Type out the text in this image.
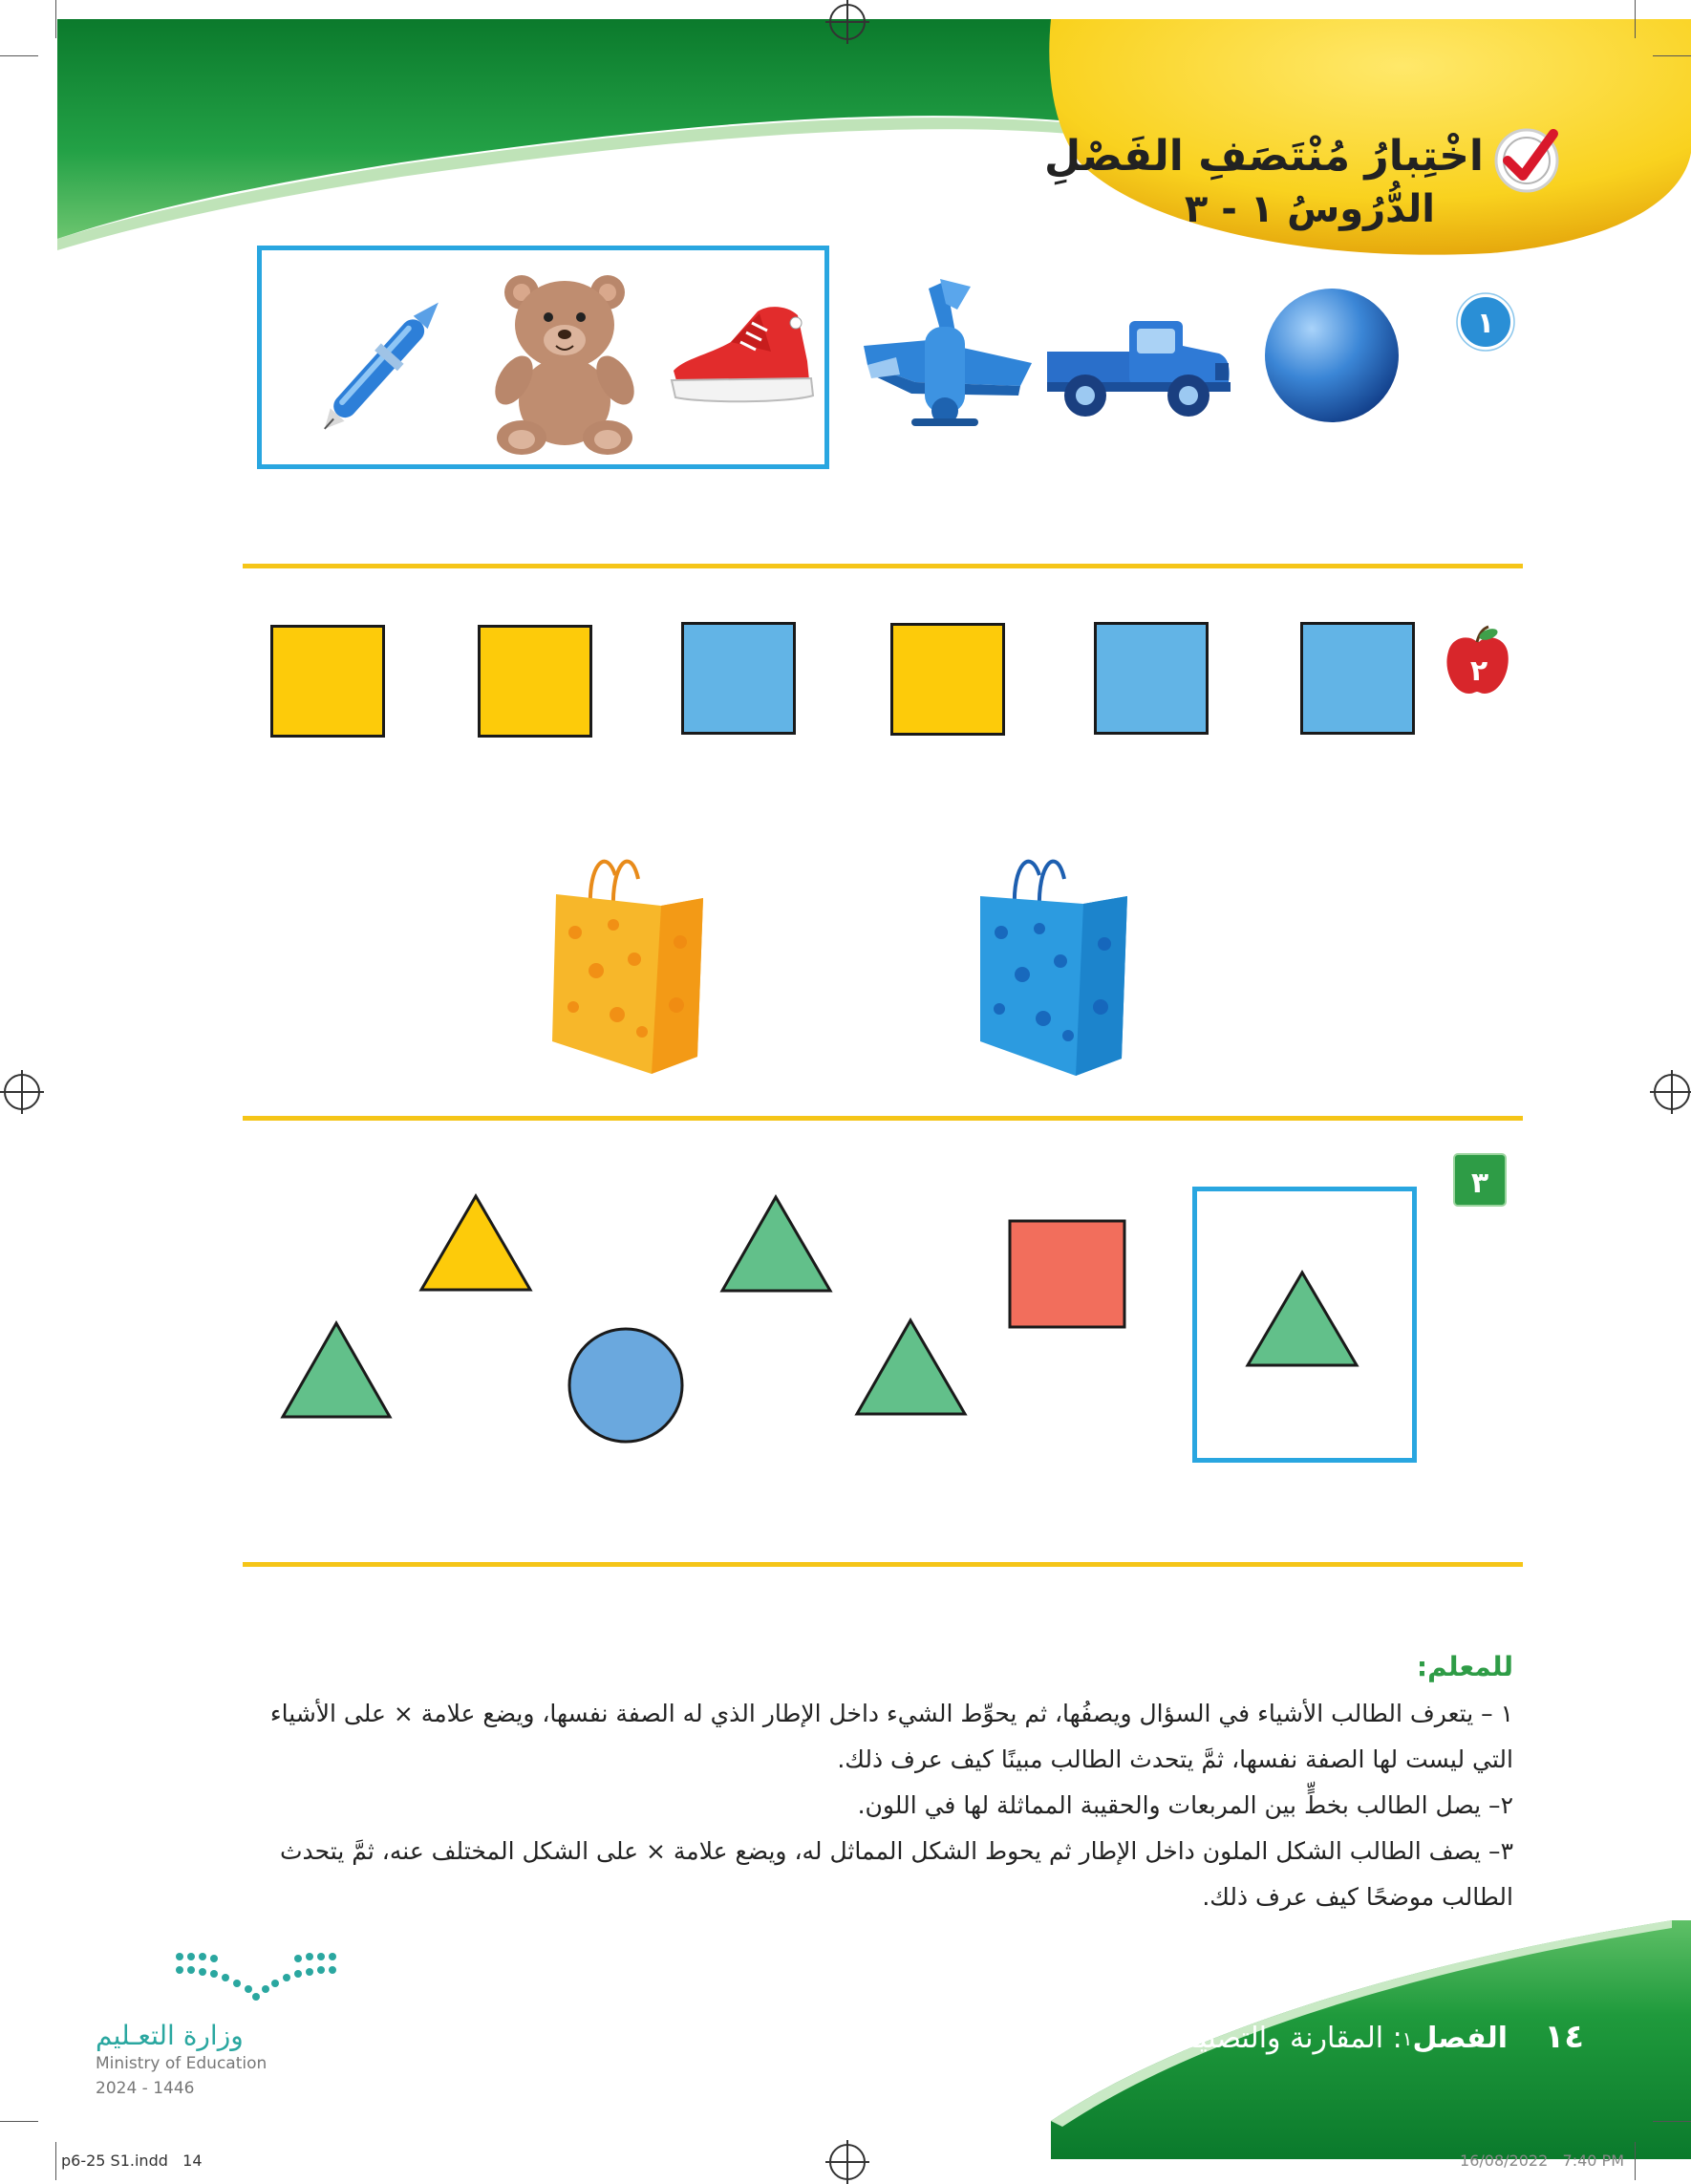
اخْتِبارُ مُنْتَصَفِ الفَصْلِ
الدُّرُوسُ ١ - ٣
١
٢
٣
للمعلم:

١ – يتعرف الطالب الأشياء في السؤال ويصفُها، ثم يحوِّط الشيء داخل الإطار الذي له الصفة نفسها، ويضع علامة × على الأشياء التي ليست لها الصفة نفسها، ثمَّ يتحدث الطالب مبينًا كيف عرف ذلك.

٢– يصل الطالب بخطٍّ بين المربعات والحقيبة المماثلة لها في اللون.

٣– يصف الطالب الشكل الملون داخل الإطار ثم يحوط الشكل المماثل له، ويضع علامة × على الشكل المختلف عنه، ثمَّ يتحدث الطالب موضحًا كيف عرف ذلك.

١٤
الفصل
١
: المقارنة والتصنيف
وزارة التعـليم
Ministry of Education
2024 - 1446
p6-25 S1.indd   14	16/08/2022   7:40 PM
